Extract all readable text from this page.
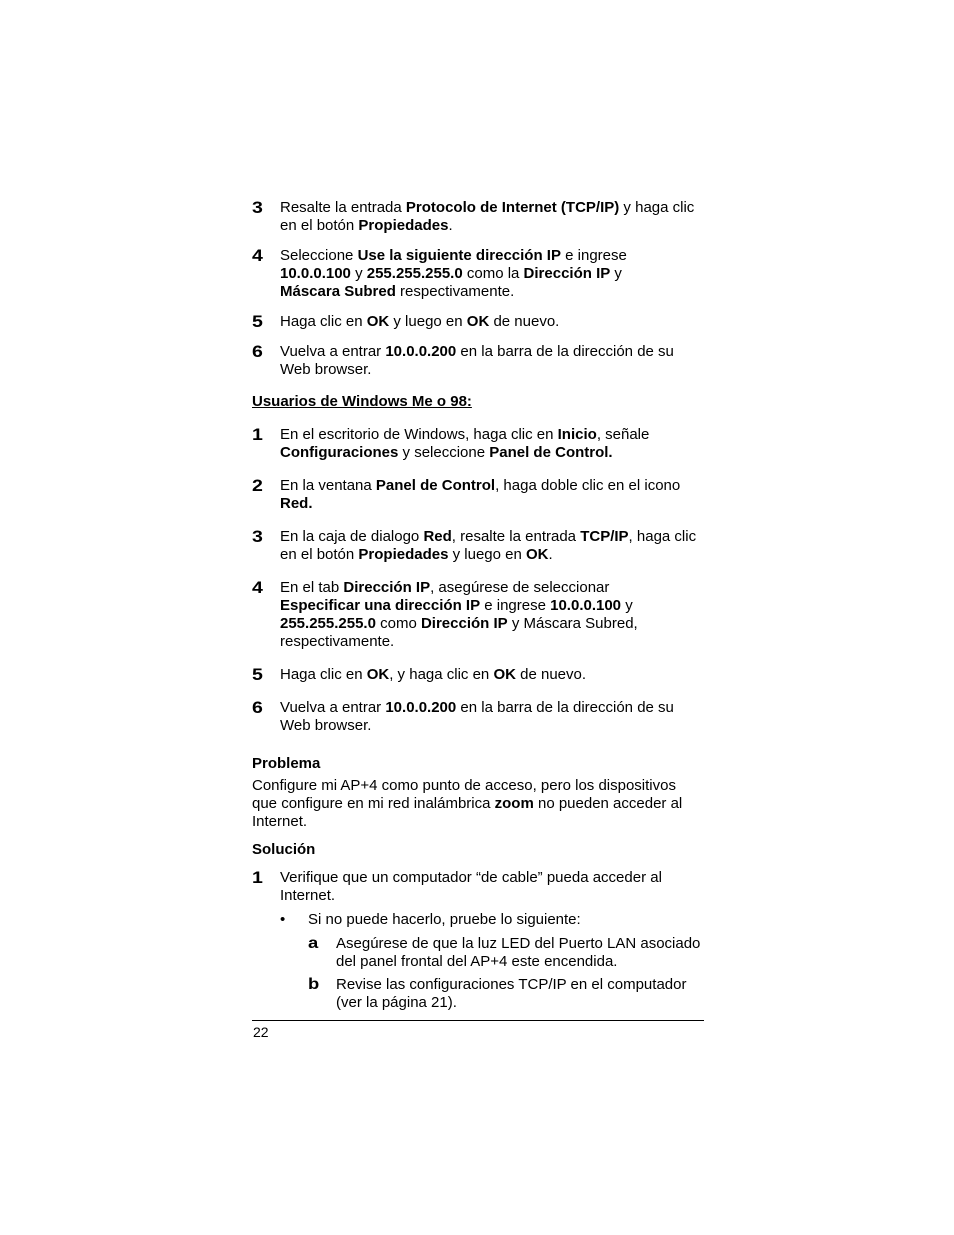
3 Resalte la entrada Protocolo de Internet (TCP/IP) y haga clic en el botón Propiedades.
4 Seleccione Use la siguiente dirección IP e ingrese
10.0.0.100 y 255.255.255.0 como la Dirección IP y
Máscara Subred respectivamente.
5 Haga clic en OK y luego en OK de nuevo.
6 Vuelva a entrar 10.0.0.200 en la barra de la dirección de su Web browser.
Usuarios de Windows Me o 98:
1 En el escritorio de Windows, haga clic en Inicio, señale
Configuraciones y seleccione Panel de Control.
2 En la ventana Panel de Control, haga doble clic en el icono
Red.
3 En la caja de dialogo Red, resalte la entrada TCP/IP, haga clic en el botón Propiedades y luego en OK.
4 En el tab Dirección IP, asegúrese de seleccionar
Especificar una dirección IP e ingrese 10.0.0.100 y
255.255.255.0 como Dirección IP y Máscara Subred, respectivamente.
5 Haga clic en OK, y haga clic en OK de nuevo.
6 Vuelva a entrar 10.0.0.200 en la barra de la dirección de su Web browser.
Problema
Configure mi AP+4 como punto de acceso, pero los dispositivos que configure en mi red inalámbrica zoom no pueden acceder al Internet.
Solución
1 Verifique que un computador “de cable” pueda acceder al Internet.
• Si no puede hacerlo, pruebe lo siguiente:
a Asegúrese de que la luz LED del Puerto LAN asociado del panel frontal del AP+4 este encendida.
b Revise las configuraciones TCP/IP en el computador (ver la página 21).
22
